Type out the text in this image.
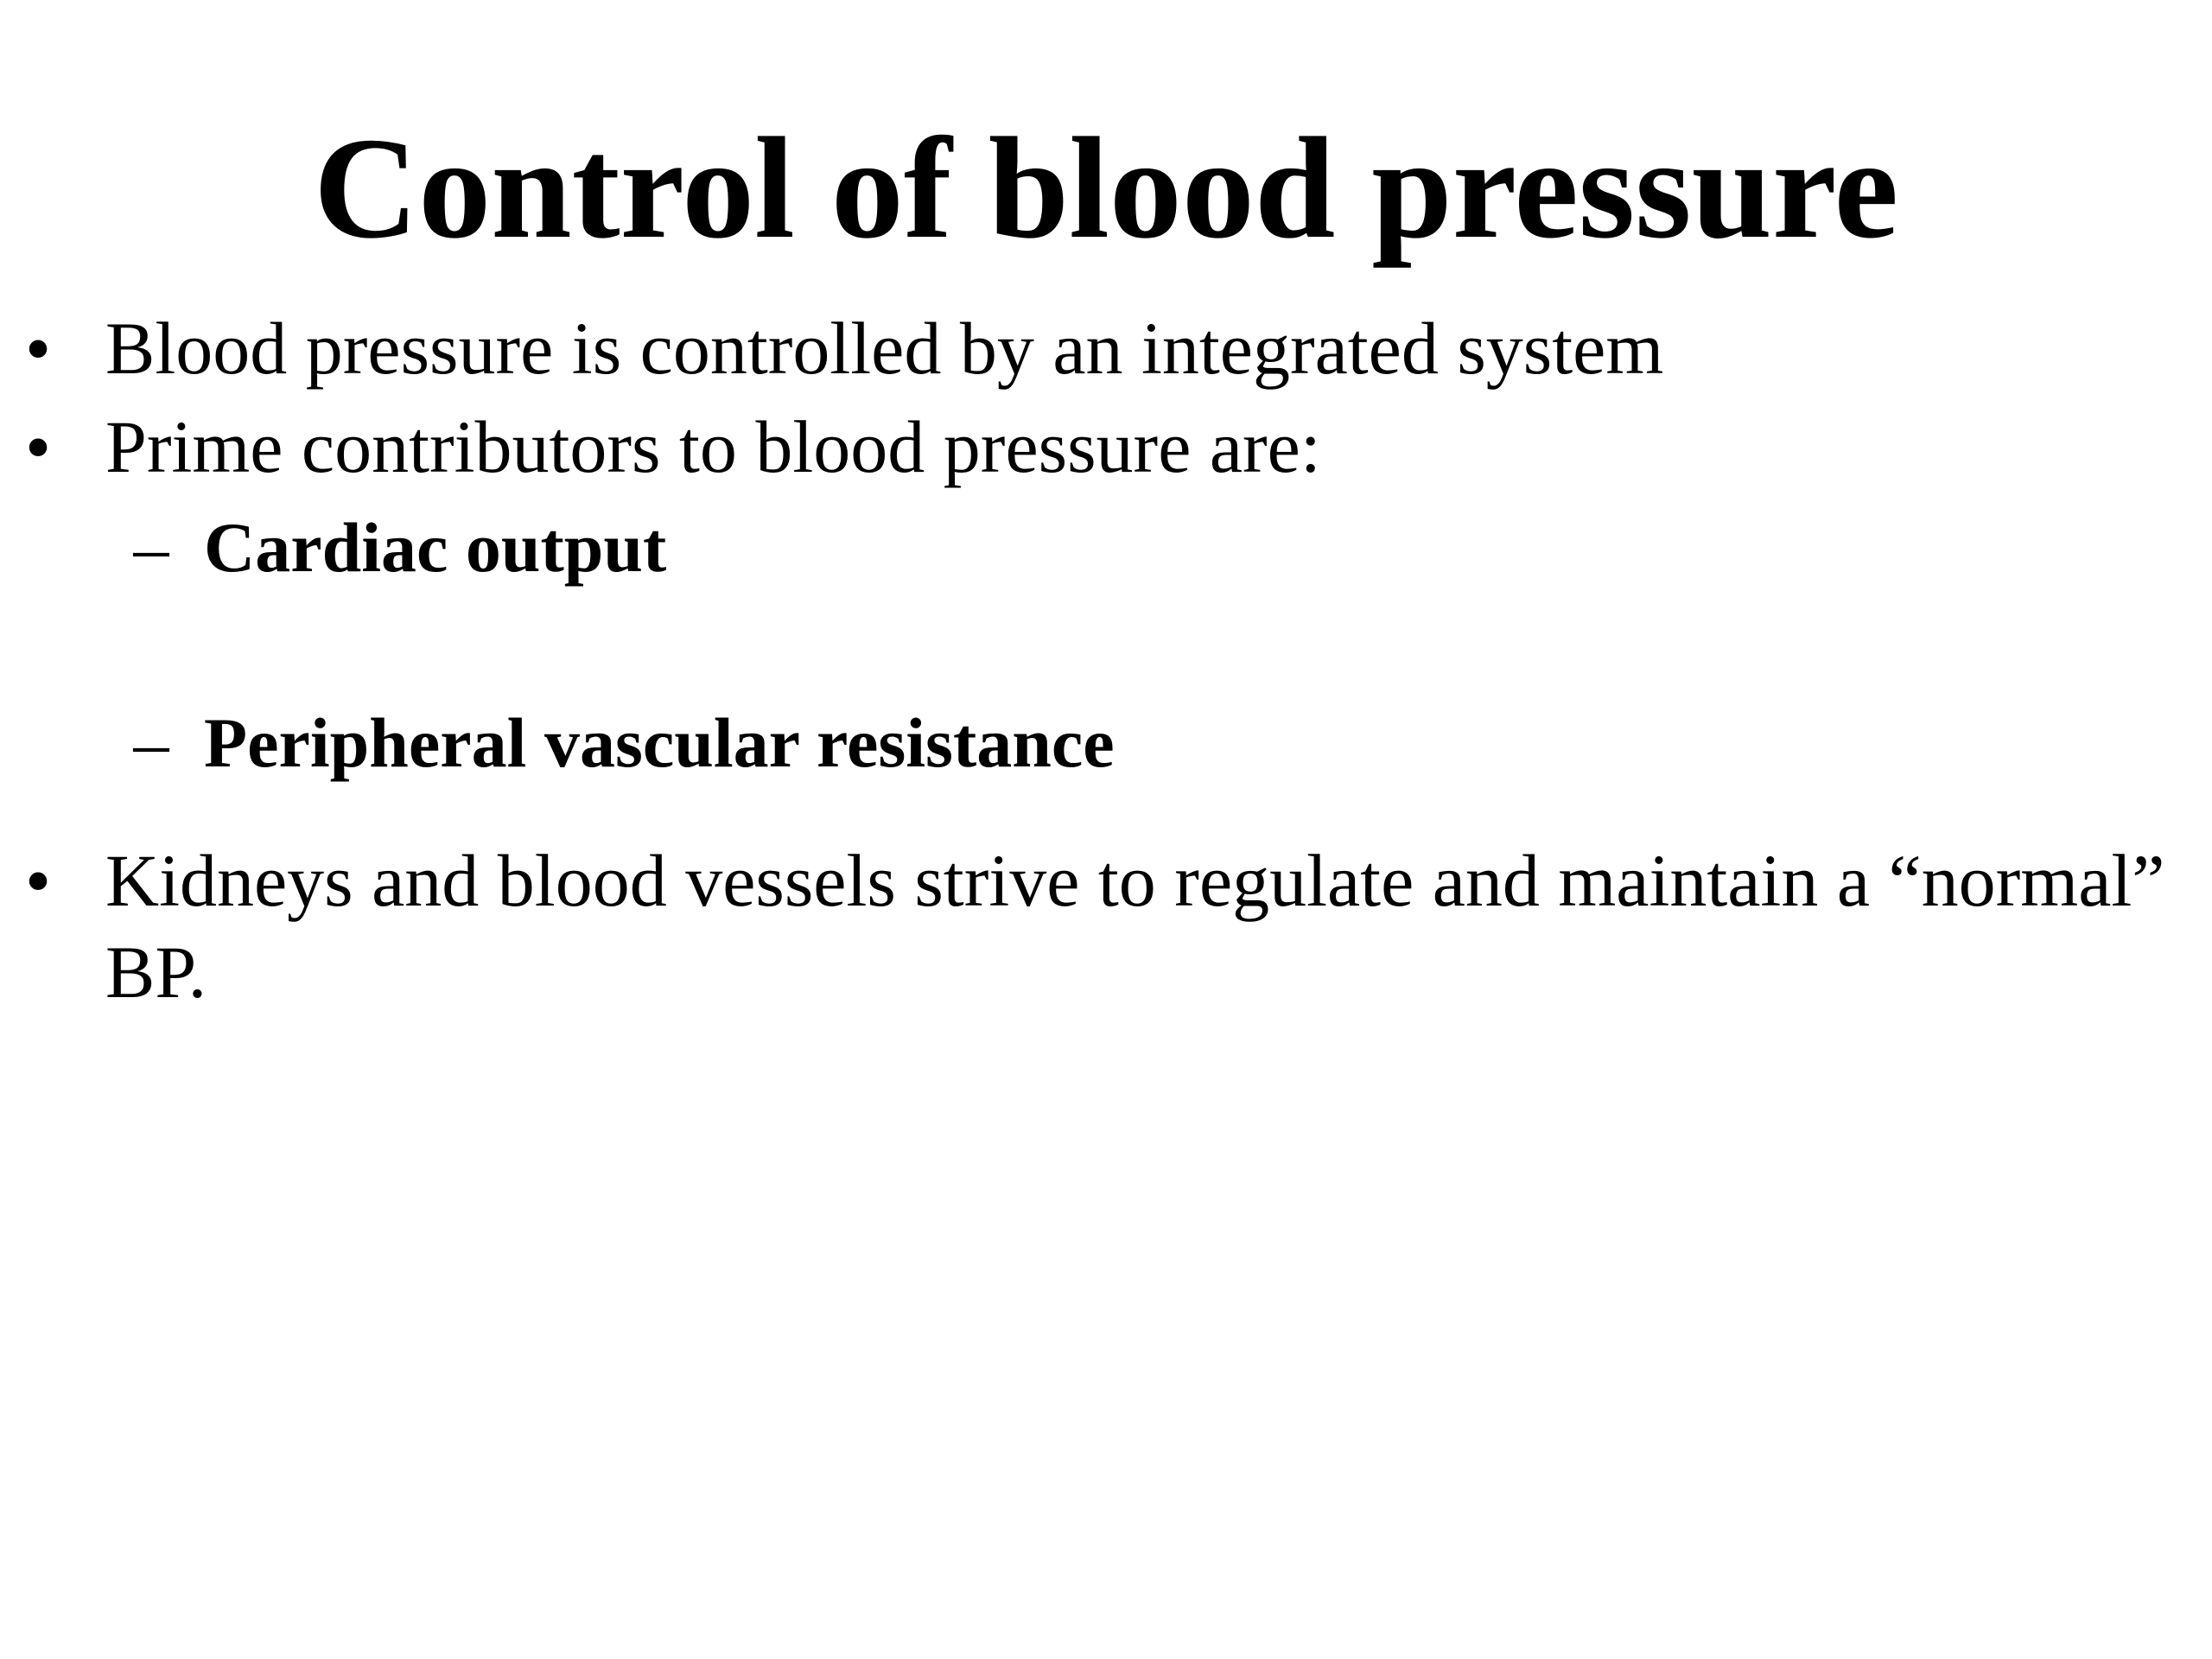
Control of blood pressure
• Blood pressure is controlled by an integrated system
• Prime contributors to blood pressure are:
– Cardiac output
– Peripheral vascular resistance
• Kidneys and blood vessels strive to regulate and maintain a “normal” BP.
